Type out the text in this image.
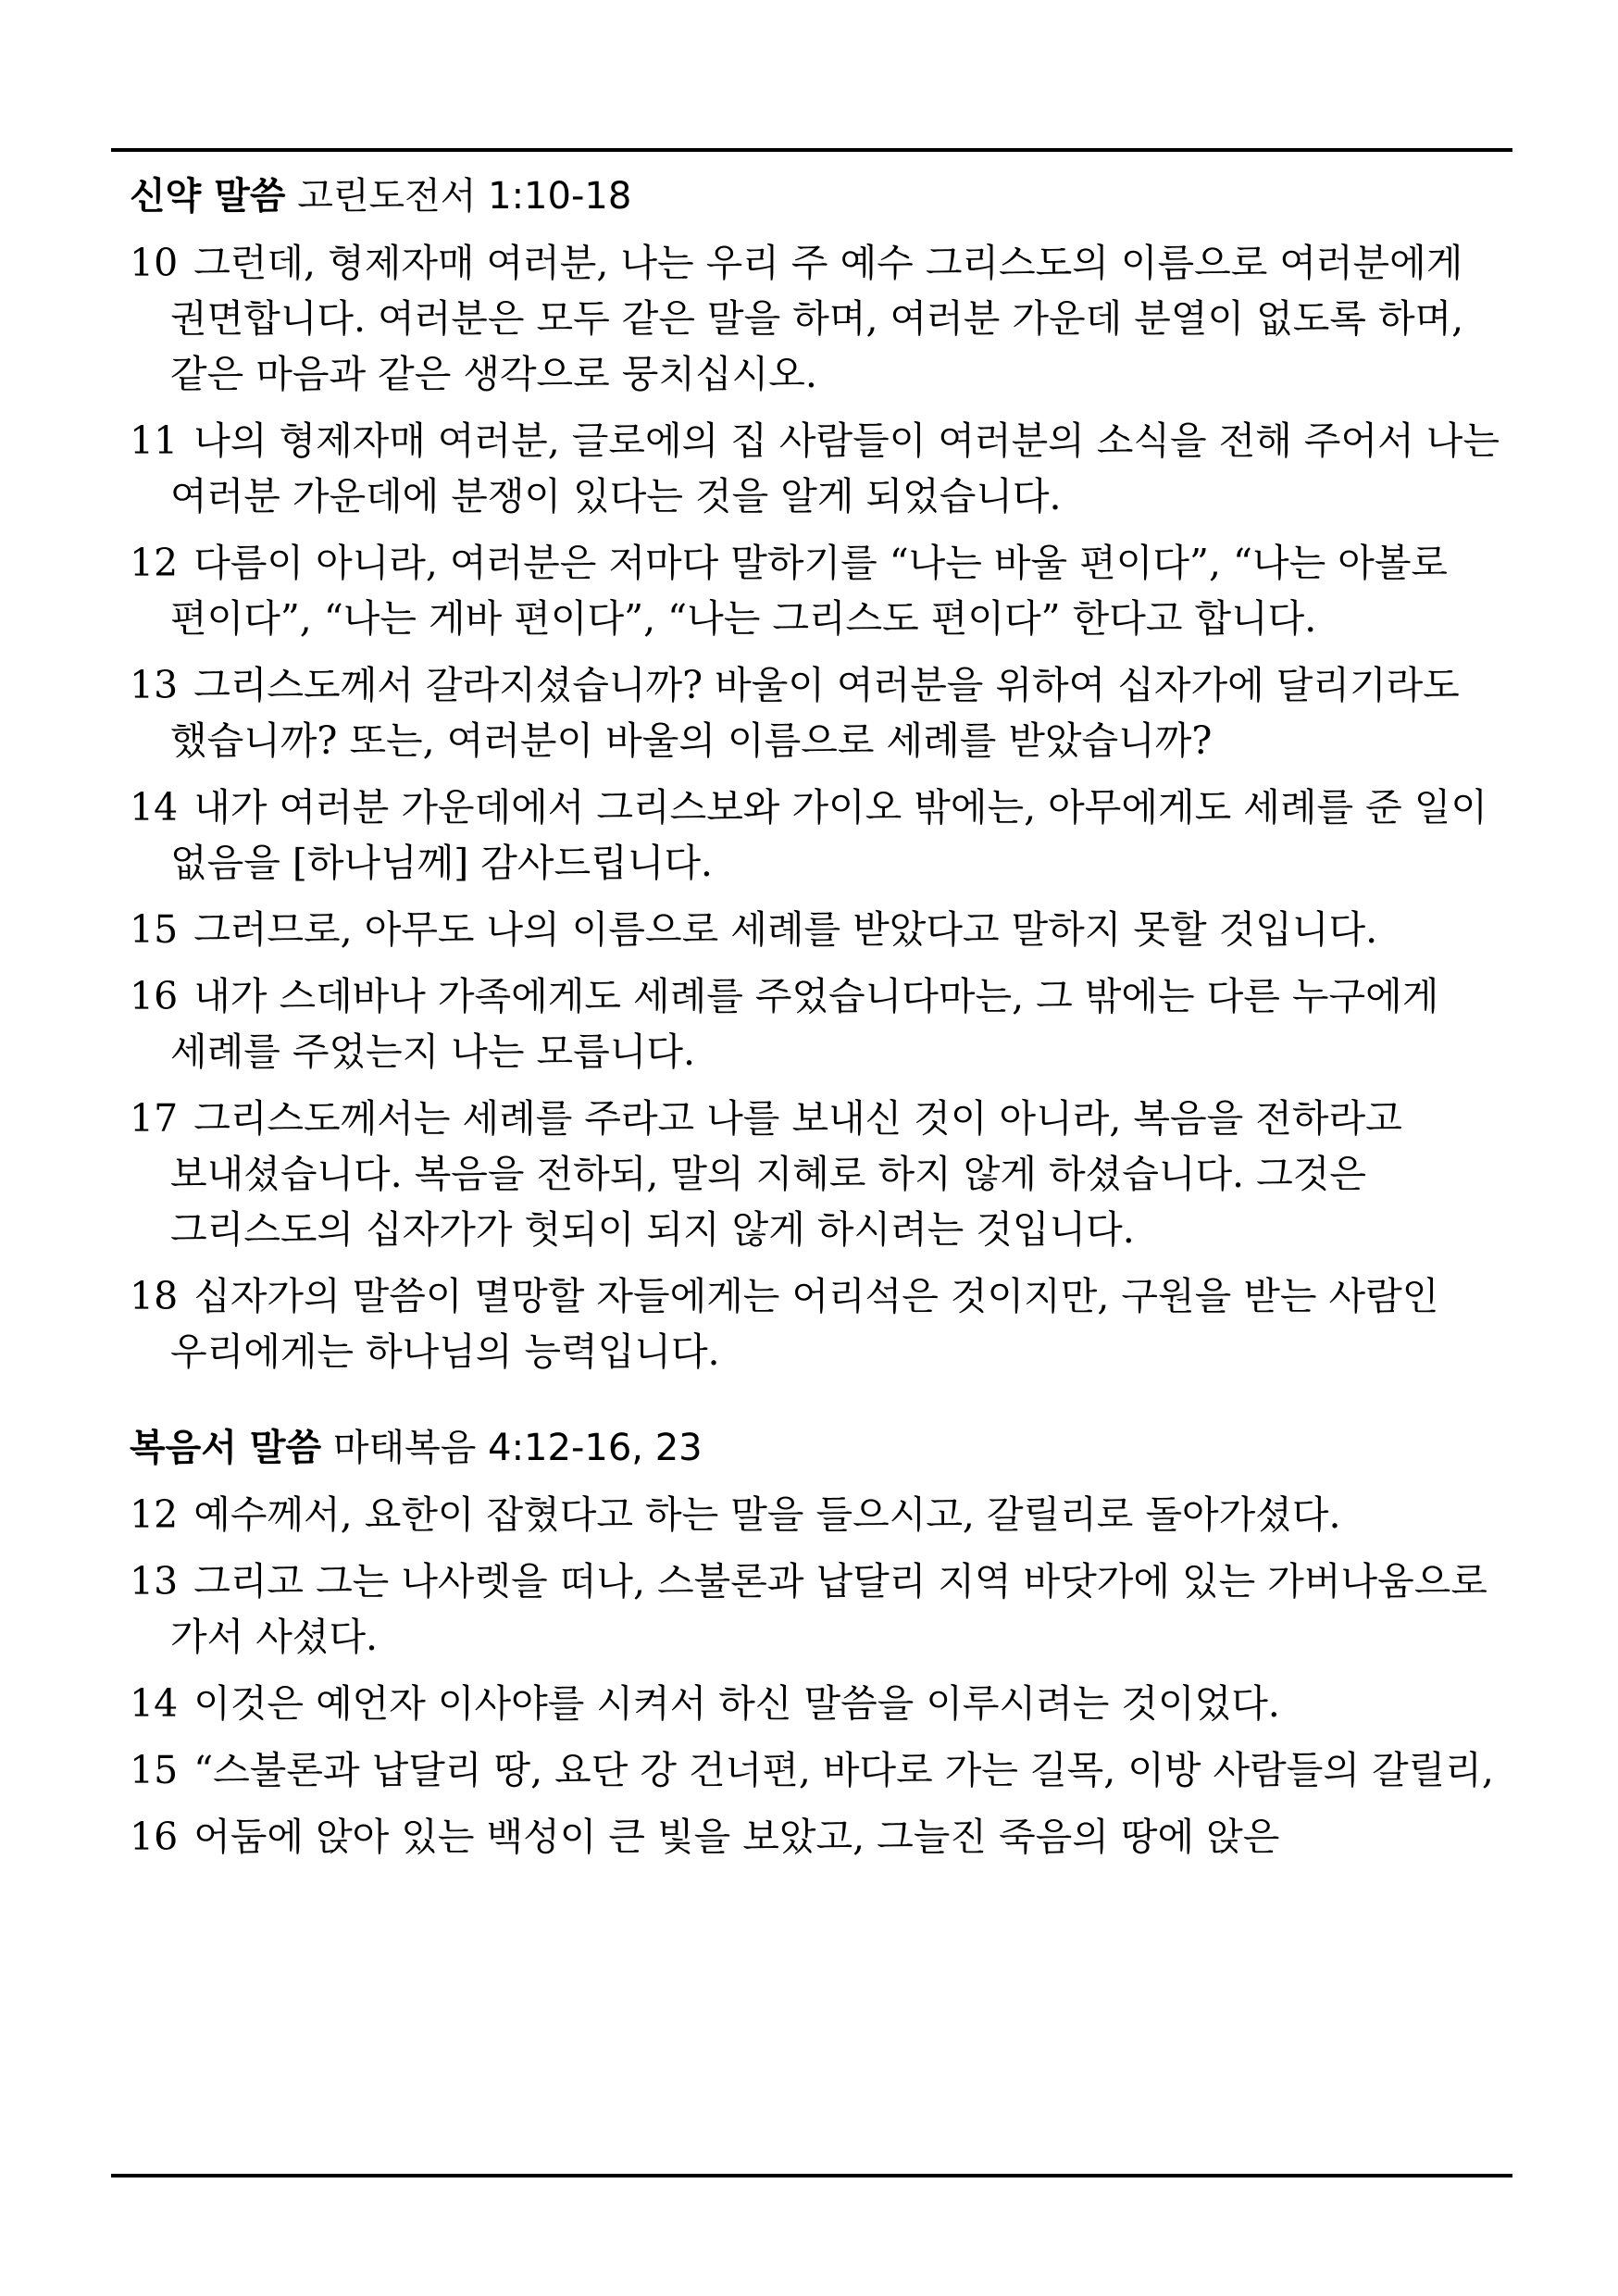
신약 말씀 고린도전서 1:10-18
10 그런데, 형제자매 여러분, 나는 우리 주 예수 그리스도의 이름으로 여러분에게 권면합니다. 여러분은 모두 같은 말을 하며, 여러분 가운데 분열이 없도록 하며, 같은 마음과 같은 생각으로 뭉치십시오.
11 나의 형제자매 여러분, 글로에의 집 사람들이 여러분의 소식을 전해 주어서 나는 여러분 가운데에 분쟁이 있다는 것을 알게 되었습니다.
12 다름이 아니라, 여러분은 저마다 말하기를 “나는 바울 편이다”, “나는 아볼로 편이다”, “나는 게바 편이다”, “나는 그리스도 편이다” 한다고 합니다.
13 그리스도께서 갈라지셨습니까? 바울이 여러분을 위하여 십자가에 달리기라도 했습니까? 또는, 여러분이 바울의 이름으로 세례를 받았습니까?
14 내가 여러분 가운데에서 그리스보와 가이오 밖에는, 아무에게도 세례를 준 일이 없음을 [하나님께] 감사드립니다.
15 그러므로, 아무도 나의 이름으로 세례를 받았다고 말하지 못할 것입니다.
16 내가 스데바나 가족에게도 세례를 주었습니다마는, 그 밖에는 다른 누구에게 세례를 주었는지 나는 모릅니다.
17 그리스도께서는 세례를 주라고 나를 보내신 것이 아니라, 복음을 전하라고 보내셨습니다. 복음을 전하되, 말의 지혜로 하지 않게 하셨습니다. 그것은 그리스도의 십자가가 헛되이 되지 않게 하시려는 것입니다.
18 십자가의 말씀이 멸망할 자들에게는 어리석은 것이지만, 구원을 받는 사람인 우리에게는 하나님의 능력입니다.
복음서 말씀 마태복음 4:12-16, 23
12 예수께서, 요한이 잡혔다고 하는 말을 들으시고, 갈릴리로 돌아가셨다.
13 그리고 그는 나사렛을 떠나, 스불론과 납달리 지역 바닷가에 있는 가버나움으로 가서 사셨다.
14 이것은 예언자 이사야를 시켜서 하신 말씀을 이루시려는 것이었다.
15 “스불론과 납달리 땅, 요단 강 건너편, 바다로 가는 길목, 이방 사람들의 갈릴리,
16 어둠에 앉아 있는 백성이 큰 빛을 보았고, 그늘진 죽음의 땅에 앉은
